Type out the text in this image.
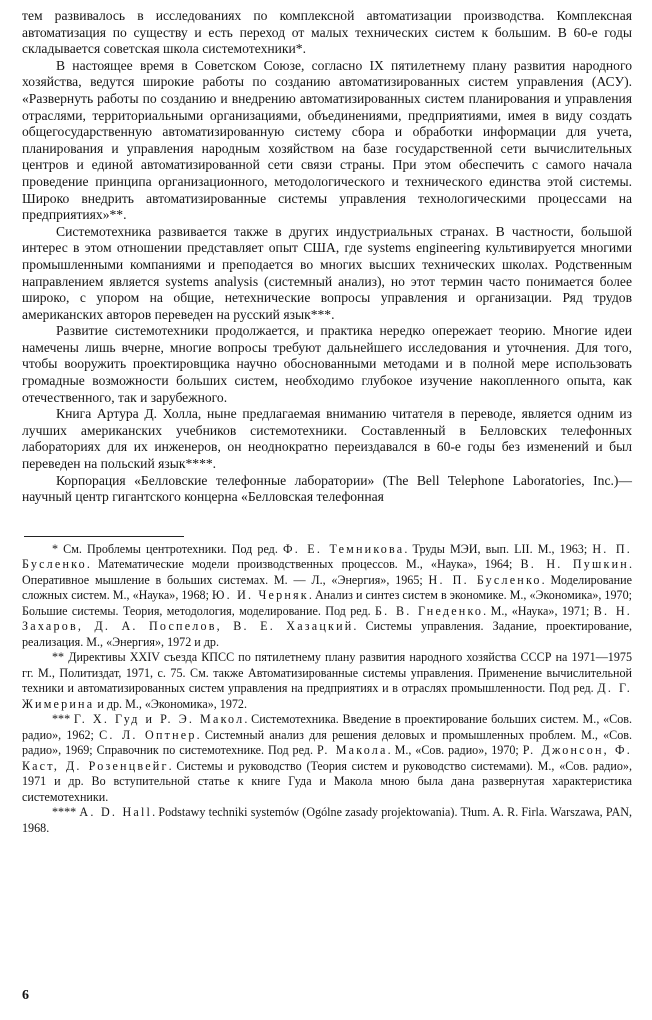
тем развивалось в исследованиях по комплексной автоматизации производства. Комплексная автоматизация по существу и есть переход от малых технических систем к большим. В 60-е годы складывается советская школа системотехники*.

В настоящее время в Советском Союзе, согласно IX пятилетнему плану развития народного хозяйства, ведутся широкие работы по созданию автоматизированных систем управления (АСУ). «Развернуть работы по созданию и внедрению автоматизированных систем планирования и управления отраслями, территориальными организациями, объединениями, предприятиями, имея в виду создать общегосударственную автоматизированную систему сбора и обработки информации для учета, планирования и управления народным хозяйством на базе государственной сети вычислительных центров и единой автоматизированной сети связи страны. При этом обеспечить с самого начала проведение принципа организационного, методологического и технического единства этой системы. Широко внедрить автоматизированные системы управления технологическими процессами на предприятиях»**.

Системотехника развивается также в других индустриальных странах. В частности, большой интерес в этом отношении представляет опыт США, где systems engineering культивируется многими промышленными компаниями и преподается во многих высших технических школах. Родственным направлением является systems analysis (системный анализ), но этот термин часто понимается более широко, с упором на общие, нетехнические вопросы управления и организации. Ряд трудов американских авторов переведен на русский язык***.

Развитие системотехники продолжается, и практика нередко опережает теорию. Многие идеи намечены лишь вчерне, многие вопросы требуют дальнейшего исследования и уточнения. Для того, чтобы вооружить проектировщика научно обоснованными методами и в полной мере использовать громадные возможности больших систем, необходимо глубокое изучение накопленного опыта, как отечественного, так и зарубежного.

Книга Артура Д. Холла, ныне предлагаемая вниманию читателя в переводе, является одним из лучших американских учебников системотехники. Составленный в Белловских телефонных лабораториях для их инженеров, он неоднократно переиздавался в 60-е годы без изменений и был переведен на польский язык****.

Корпорация «Белловские телефонные лаборатории» (The Bell Telephone Laboratories, Inc.)—научный центр гигантского концерна «Белловская телефонная

* См. Проблемы центротехники. Под ред. Ф. Е. Темникова. Труды МЭИ, вып. LII. М., 1963; Н. П. Бусленко. Математические модели производственных процессов. М., «Наука», 1964; В. Н. Пушкин. Оперативное мышление в больших системах. М. — Л., «Энергия», 1965; Н. П. Бусленко. Моделирование сложных систем. М., «Наука», 1968; Ю. И. Черняк. Анализ и синтез систем в экономике. М., «Экономика», 1970; Большие системы. Теория, методология, моделирование. Под ред. Б. В. Гнеденко. М., «Наука», 1971; В. Н. Захаров, Д. А. Поспелов, В. Е. Хазацкий. Системы управления. Задание, проектирование, реализация. М., «Энергия», 1972 и др.

** Директивы XXIV съезда КПСС по пятилетнему плану развития народного хозяйства СССР на 1971—1975 гг. М., Политиздат, 1971, с. 75. См. также Автоматизированные системы управления. Применение вычислительной техники и автоматизированных систем управления на предприятиях и в отраслях промышленности. Под ред. Д. Г. Жимерина и др. М., «Экономика», 1972.

*** Г. Х. Гуд и Р. Э. Макол. Системотехника. Введение в проектирование больших систем. М., «Сов. радио», 1962; С. Л. Оптнер. Системный анализ для решения деловых и промышленных проблем. М., «Сов. радио», 1969; Справочник по системотехнике. Под ред. Р. Макола. М., «Сов. радио», 1970; Р. Джонсон, Ф. Каст, Д. Розенцвейг. Системы и руководство (Теория систем и руководство системами). М., «Сов. радио», 1971 и др. Во вступительной статье к книге Гуда и Макола мною была дана развернутая характеристика системотехники.

**** A. D. Hall. Podstawy techniki systemów (Ogólne zasady projektowania). Tłum. A. R. Firla. Warszawa, PAN, 1968.

6
